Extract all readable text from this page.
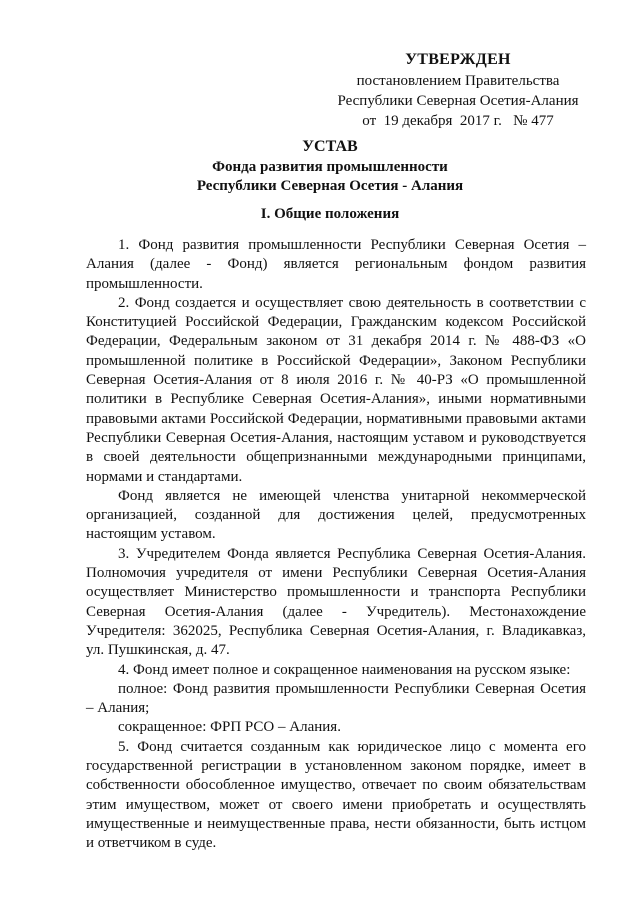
УТВЕРЖДЕН
постановлением Правительства
Республики Северная Осетия-Алания
от  19 декабря  2017 г.   № 477
УСТАВ
Фонда развития промышленности
Республики Северная Осетия - Алания
I. Общие положения

1. Фонд развития промышленности Республики Северная Осетия – Алания (далее - Фонд) является региональным фондом развития промышленности.

2. Фонд создается и осуществляет свою деятельность в соответствии с Конституцией Российской Федерации, Гражданским кодексом Российской Федерации, Федеральным законом от 31 декабря 2014 г. № 488-ФЗ «О промышленной политике в Российской Федерации», Законом Республики Северная Осетия-Алания от 8 июля 2016 г. № 40-РЗ «О промышленной политики в Республике Северная Осетия-Алания», иными нормативными правовыми актами Российской Федерации, нормативными правовыми актами Республики Северная Осетия-Алания, настоящим уставом и руководствуется в своей деятельности общепризнанными международными принципами, нормами и стандартами.

Фонд является не имеющей членства унитарной некоммерческой организацией, созданной для достижения целей, предусмотренных настоящим уставом.

3. Учредителем Фонда является Республика Северная Осетия-Алания. Полномочия учредителя от имени Республики Северная Осетия-Алания осуществляет Министерство промышленности и транспорта Республики Северная Осетия-Алания (далее - Учредитель). Местонахождение Учредителя: 362025, Республика Северная Осетия-Алания, г. Владикавказ, ул. Пушкинская, д. 47.

4. Фонд имеет полное и сокращенное наименования на русском языке:

полное: Фонд развития промышленности Республики Северная Осетия – Алания;

сокращенное: ФРП РСО – Алания.

5. Фонд считается созданным как юридическое лицо с момента его государственной регистрации в установленном законом порядке, имеет в собственности обособленное имущество, отвечает по своим обязательствам этим имуществом, может от своего имени приобретать и осуществлять имущественные и неимущественные права, нести обязанности, быть истцом и ответчиком в суде.
